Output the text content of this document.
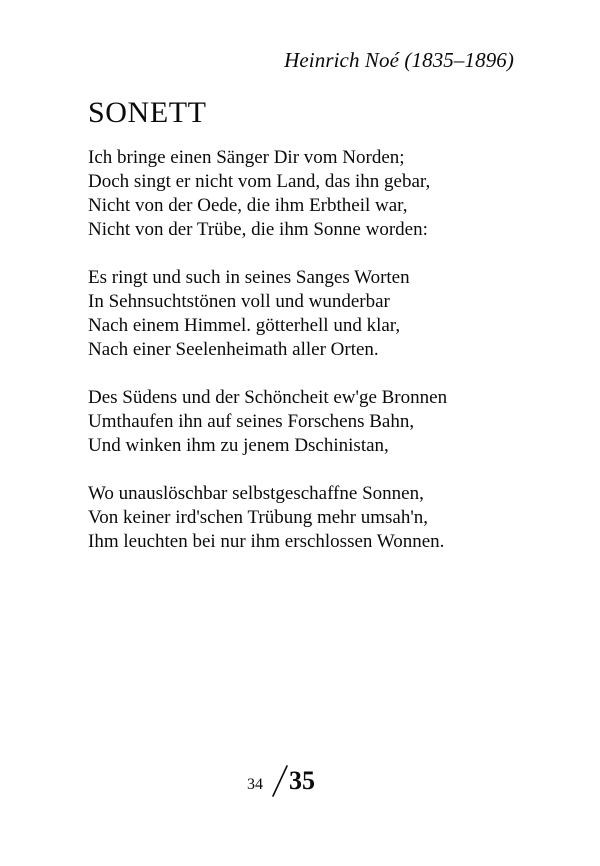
Heinrich Noé (1835–1896)
SONETT
Ich bringe einen Sänger Dir vom Norden;
Doch singt er nicht vom Land, das ihn gebar,
Nicht von der Oede, die ihm Erbtheil war,
Nicht von der Trübe, die ihm Sonne worden:
Es ringt und such in seines Sanges Worten
In Sehnsuchtstönen voll und wunderbar
Nach einem Himmel. götterhell und klar,
Nach einer Seelenheimath aller Orten.
Des Südens und der Schöncheit ew'ge Bronnen
Umthaufen ihn auf seines Forschens Bahn,
Und winken ihm zu jenem Dschinistan,
Wo unauslöschbar selbstgeschaffne Sonnen,
Von keiner ird'schen Trübung mehr umsah'n,
Ihm leuchten bei nur ihm erschlossen Wonnen.
34 35
